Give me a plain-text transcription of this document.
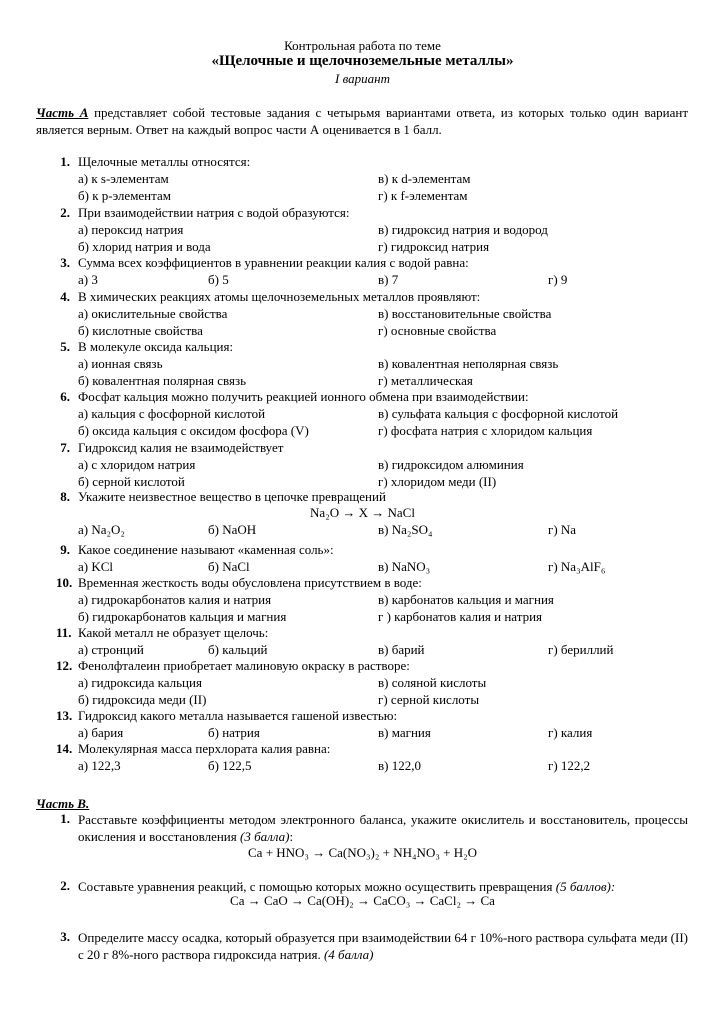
Контрольная работа по теме
«Щелочные и щелочноземельные металлы»
I вариант
Часть А представляет собой тестовые задания с четырьмя вариантами ответа, из которых только один вариант является верным. Ответ на каждый вопрос части А оценивается в 1 балл.
1. Щелочные металлы относятся:
а) к s-элементам	в) к d-элементам
б) к p-элементам	г) к f-элементам
2. При взаимодействии натрия с водой образуются:
а) пероксид натрия	в) гидроксид натрия и водород
б) хлорид натрия и вода	г) гидроксид натрия
3. Сумма всех коэффициентов в уравнении реакции калия с водой равна:
а) 3	б) 5	в) 7	г) 9
4. В химических реакциях атомы щелочноземельных металлов проявляют:
а) окислительные свойства	в) восстановительные свойства
б) кислотные свойства	г) основные свойства
5. В молекуле оксида кальция:
а) ионная связь	в) ковалентная неполярная связь
б) ковалентная полярная связь	г) металлическая
6. Фосфат кальция можно получить реакцией ионного обмена при взаимодействии:
а) кальция с фосфорной кислотой	в) сульфата кальция с фосфорной кислотой
б) оксида кальция с оксидом фосфора (V)	г) фосфата натрия с хлоридом кальция
7. Гидроксид калия не взаимодействует
а) с хлоридом натрия	в) гидроксидом алюминия
б) серной кислотой	г) хлоридом меди (II)
8. Укажите неизвестное вещество в цепочке превращений
Na₂O → X → NaCl
а) Na₂O₂	б) NaOH	в) Na₂SO₄	г) Na
9. Какое соединение называют «каменная соль»:
а) KCl	б) NaCl	в) NaNO₃	г) Na₃AlF₆
10. Временная жесткость воды обусловлена присутствием в воде:
а) гидрокарбонатов калия и натрия	в) карбонатов кальция и магния
б) гидрокарбонатов кальция и магния	г ) карбонатов калия и натрия
11. Какой металл не образует щелочь:
а) стронций	б) кальций	в) барий	г) бериллий
12. Фенолфталеин приобретает малиновую окраску в растворе:
а) гидроксида кальция	в) соляной кислоты
б) гидроксида меди (II)	г) серной кислоты
13. Гидроксид какого металла называется гашеной известью:
а) бария	б) натрия	в) магния	г) калия
14. Молекулярная масса перхлората калия равна:
а) 122,3	б) 122,5	в) 122,0	г) 122,2
Часть В.
1. Расставьте коэффициенты методом электронного баланса, укажите окислитель и восстановитель, процессы окисления и восстановления (3 балла):
Ca + HNO₃ → Ca(NO₃)₂ + NH₄NO₃ + H₂O
2. Составьте уравнения реакций, с помощью которых можно осуществить превращения (5 баллов):
Ca → CaO → Ca(OH)₂ → CaCO₃ → CaCl₂ → Ca
3. Определите массу осадка, который образуется при взаимодействии 64 г 10%-ного раствора сульфата меди (II) с 20 г 8%-ного раствора гидроксида натрия. (4 балла)
